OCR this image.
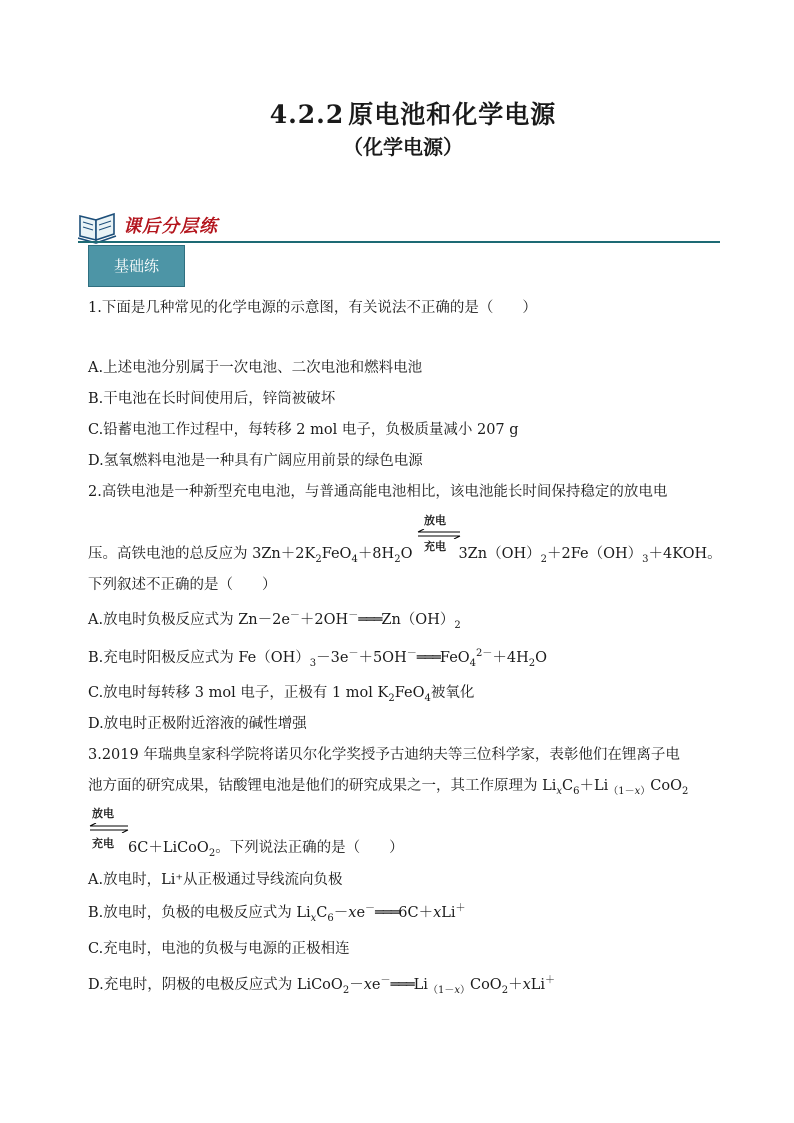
4.2.2 原电池和化学电源
（化学电源）
课后分层练
基础练
1.下面是几种常见的化学电源的示意图，有关说法不正确的是（　　）
A.上述电池分别属于一次电池、二次电池和燃料电池
B.干电池在长时间使用后，锌筒被破坏
C.铅蓄电池工作过程中，每转移 2 mol 电子，负极质量减小 207 g
D.氢氧燃料电池是一种具有广阔应用前景的绿色电源
2.高铁电池是一种新型充电电池，与普通高能电池相比，该电池能长时间保持稳定的放电电
放电
充电
压。高铁电池的总反应为 $3Zn+2K_2FeO_4+8H_2O$	$3Zn(OH)_2+2Fe(OH)_3+4KOH$。
下列叙述不正确的是（　　）
A.放电时负极反应式为 $Zn-2e^-+2OH^-═══Zn(OH)_2$
B.充电时阳极反应式为 $Fe(OH)_3-3e^-+5OH^-═══FeO_4^{2-}+4H_2O$
C.放电时每转移 3 mol 电子，正极有 1 mol $K_2FeO_4$被氧化
D.放电时正极附近溶液的碱性增强
3.2019 年瑞典皇家科学院将诺贝尔化学奖授予古迪纳夫等三位科学家，表彰他们在锂离子电
池方面的研究成果，钴酸锂电池是他们的研究成果之一，其工作原理为 $Li_xC_6+Li_{(1-x)}CoO_2$
放电
充电 6C＋LiCoO$_2$。下列说法正确的是（　　）
A.放电时，Li⁺从正极通过导线流向负极
B.放电时，负极的电极反应式为 $Li_xC_6-xe^-═══6C+xLi^+$
C.充电时，电池的负极与电源的正极相连
D.充电时，阴极的电极反应式为 $LiCoO_2-xe^-═══Li_{(1-x)}CoO_2+xLi^+$
